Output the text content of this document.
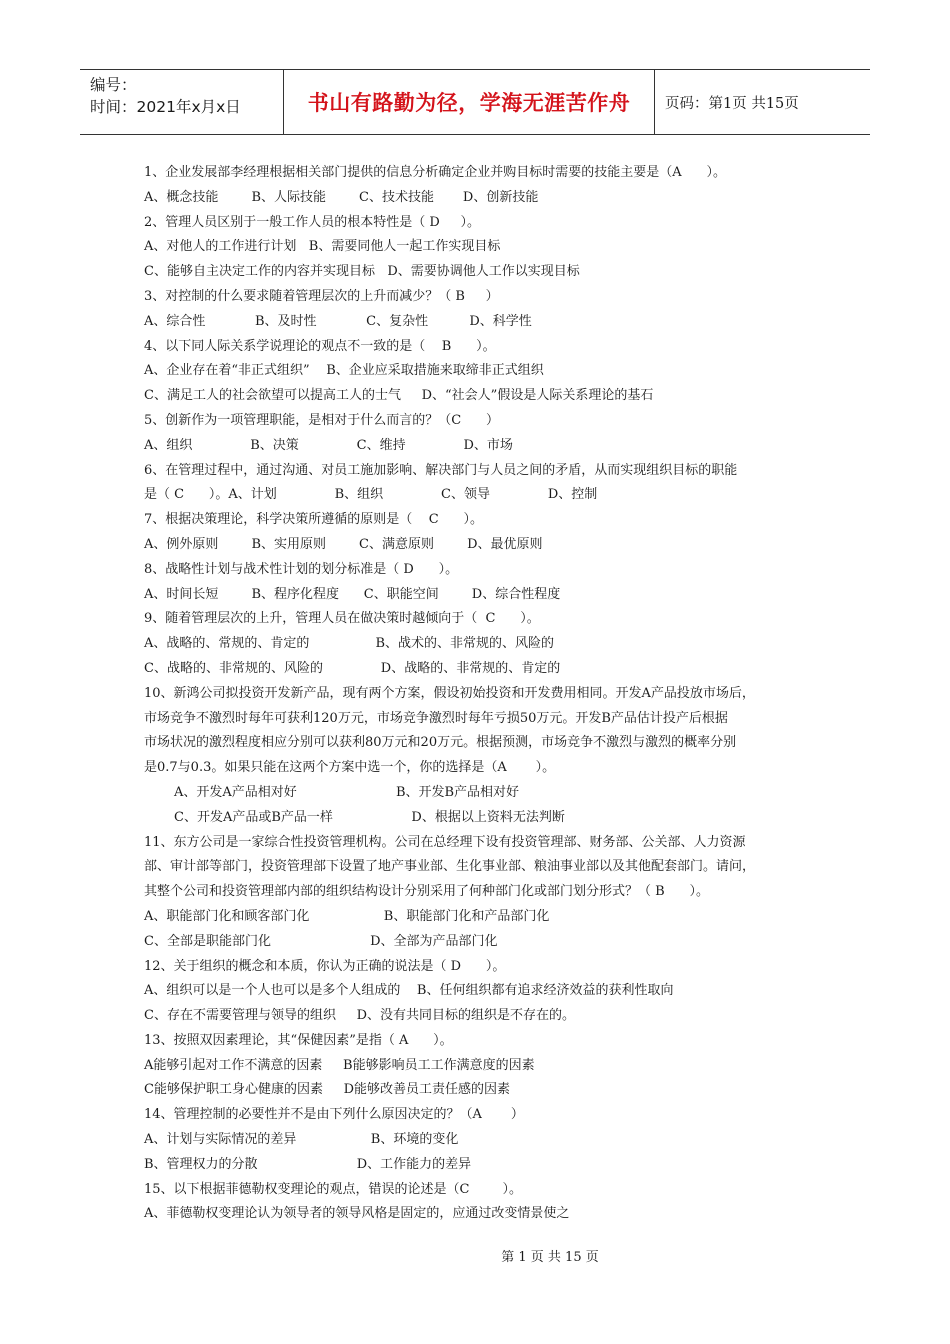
编号：
时间：2021年x月x日	书山有路勤为径，学海无涯苦作舟 页码：第1页 共15页
1、企业发展部李经理根据相关部门提供的信息分析确定企业并购目标时需要的技能主要是（A      ）。
A、概念技能        B、人际技能        C、技术技能       D、创新技能
2、管理人员区别于一般工作人员的根本特性是（ D     ）。
A、对他人的工作进行计划   B、需要同他人一起工作实现目标
C、能够自主决定工作的内容并实现目标   D、需要协调他人工作以实现目标
3、对控制的什么要求随着管理层次的上升而减少？（ B     ）
A、综合性            B、及时性            C、复杂性          D、科学性
4、以下同人际关系学说理论的观点不一致的是（    B      ）。
A、企业存在着“非正式组织”    B、企业应采取措施来取缔非正式组织
C、满足工人的社会欲望可以提高工人的士气     D、“社会人”假设是人际关系理论的基石
5、创新作为一项管理职能，是相对于什么而言的？（C      ）
A、组织              B、决策              C、维持              D、市场
6、在管理过程中，通过沟通、对员工施加影响、解决部门与人员之间的矛盾，从而实现组织目标的职能
是（ C      ）。A、计划              B、组织              C、领导              D、控制
7、根据决策理论，科学决策所遵循的原则是（    C      ）。
A、例外原则        B、实用原则        C、满意原则        D、最优原则
8、战略性计划与战术性计划的划分标准是（ D      ）。
A、时间长短        B、程序化程度      C、职能空间        D、综合性程度
9、随着管理层次的上升，管理人员在做决策时越倾向于（  C      ）。
A、战略的、常规的、肯定的                B、战术的、非常规的、风险的
C、战略的、非常规的、风险的              D、战略的、非常规的、肯定的
10、新鸿公司拟投资开发新产品，现有两个方案，假设初始投资和开发费用相同。开发A产品投放市场后，
市场竞争不激烈时每年可获利120万元，市场竞争激烈时每年亏损50万元。开发B产品估计投产后根据
市场状况的激烈程度相应分别可以获利80万元和20万元。根据预测，市场竞争不激烈与激烈的概率分别
是0.7与0.3。如果只能在这两个方案中选一个，你的选择是（A       ）。
A、开发A产品相对好                        B、开发B产品相对好
C、开发A产品或B产品一样                   D、根据以上资料无法判断
11、东方公司是一家综合性投资管理机构。公司在总经理下设有投资管理部、财务部、公关部、人力资源
部、审计部等部门，投资管理部下设置了地产事业部、生化事业部、粮油事业部以及其他配套部门。请问，
其整个公司和投资管理部内部的组织结构设计分别采用了何种部门化或部门划分形式？（ B      ）。
A、职能部门化和顾客部门化                  B、职能部门化和产品部门化
C、全部是职能部门化                        D、全部为产品部门化
12、关于组织的概念和本质，你认为正确的说法是（ D      ）。
A、组织可以是一个人也可以是多个人组成的    B、任何组织都有追求经济效益的获利性取向
C、存在不需要管理与领导的组织     D、没有共同目标的组织是不存在的。
13、按照双因素理论，其“保健因素”是指（ A      ）。
A能够引起对工作不满意的因素     B能够影响员工工作满意度的因素
C能够保护职工身心健康的因素     D能够改善员工责任感的因素
14、管理控制的必要性并不是由下列什么原因决定的？（A       ）
A、计划与实际情况的差异                  B、环境的变化
B、管理权力的分散                        D、工作能力的差异
15、以下根据菲德勒权变理论的观点，错误的论述是（C        ）。
A、菲德勒权变理论认为领导者的领导风格是固定的，应通过改变情景使之
第 1 页 共 15 页
